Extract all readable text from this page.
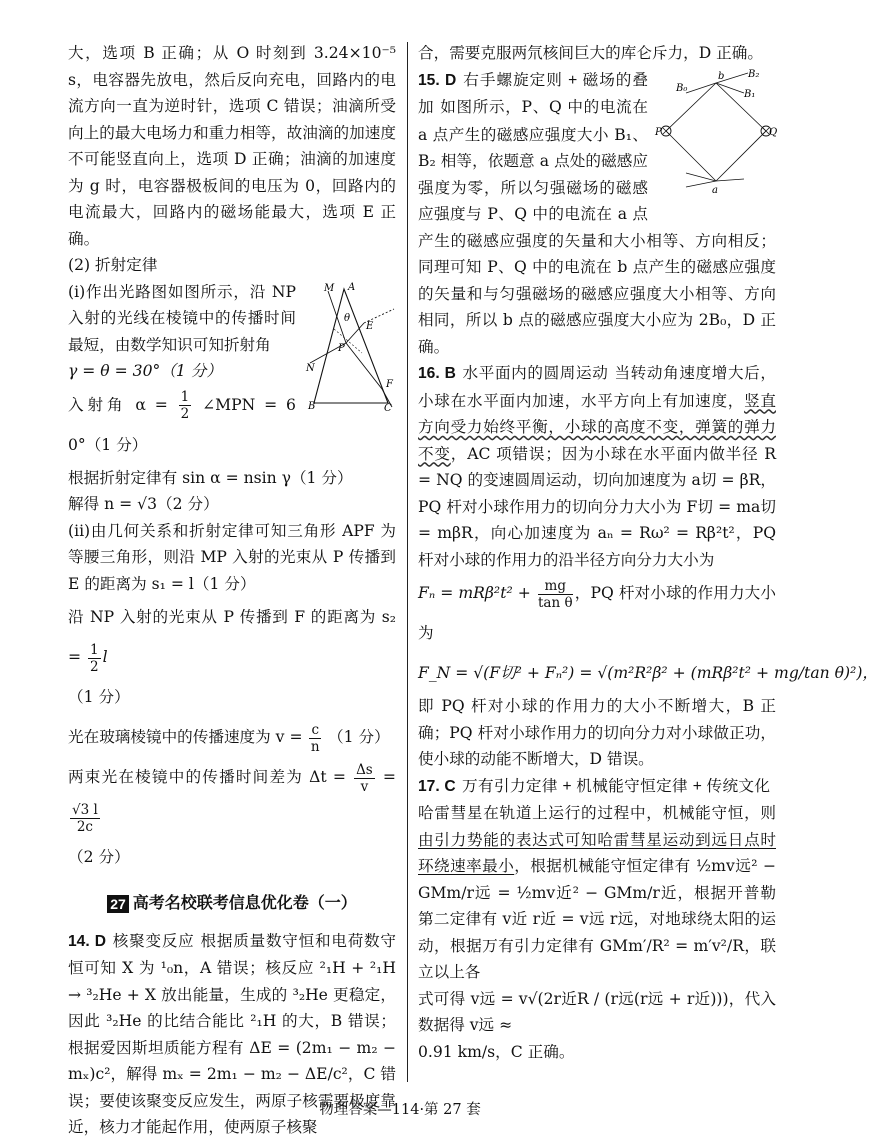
大，选项 B 正确；从 O 时刻到 3.24×10⁻⁵ s，电容器先放电，然后反向充电，回路内的电流方向一直为逆时针，选项 C 错误；油滴所受向上的最大电场力和重力相等，故油滴的加速度不可能竖直向上，选项 D 正确；油滴的加速度为 g 时，电容器极板间的电压为 0，回路内的电流最大，回路内的磁场能最大，选项 E 正确。

(2) 折射定律

M A
θ
E
P
N
F
B	C

(i)作出光路图如图所示，沿 NP 入射的光线在棱镜中的传播时间最短，由数学知识可知折射角

γ = θ = 30°（1 分）

入射角 $\alpha = \frac{1}{2}$ ∠MPN = 60°（1 分）

根据折射定律有 sin α = nsin γ（1 分）

解得 n = √3（2 分）

(ii)由几何关系和折射定律可知三角形 APF 为等腰三角形，则沿 MP 入射的光束从 P 传播到 E 的距离为 s₁ = l（1 分）

沿 NP 入射的光束从 P 传播到 F 的距离为 $s_2 = \frac{1}{2}$ l

（1 分）

光在玻璃棱镜中的传播速度为 $v = \frac{c}{n} (1$ 分）

两束光在棱镜中的传播时间差为 $\Delta t = \frac{\Delta s}{v}$ =
$\frac{√3 l}{2c}$

（2 分）

27 高考名校联考信息优化卷（一）

14. D 核聚变反应 根据质量数守恒和电荷数守恒可知 X 为 ¹₀n，A 错误；核反应 ²₁H + ²₁H → ³₂He + X 放出能量，生成的 ³₂He 更稳定，因此 ³₂He 的比结合能比 ²₁H 的大，B 错误；根据爱因斯坦质能方程有 ΔE = (2m₁ − m₂ − mₓ)c²，解得 mₓ = 2m₁ − m₂ − ΔE/c²，C 错误；要使该聚变反应发生，两原子核需要极度靠近，核力才能起作用，使两原子核聚

合，需要克服两氘核间巨大的库仑斥力，D 正确。

B₂
b
B₀
a
B₁
P	Q

15. D 右手螺旋定则 + 磁场的叠加 如图所示，P、Q 中的电流在 a 点产生的磁感应强度大小 B₁、B₂ 相等，依题意 a 点处的磁感应强度为零，所以匀强磁场的磁感应强度与 P、Q 中的电流在 a 点产生的磁感应强度的矢量和大小相等、方向相反；同理可知 P、Q 中的电流在 b 点产生的磁感应强度的矢量和与匀强磁场的磁感应强度大小相等、方向相同，所以 b 点的磁感应强度大小应为 2B₀，D 正确。

16. B 水平面内的圆周运动 当转动角速度增大后，小球在水平面内加速，水平方向上有加速度，竖直方向受力始终平衡，小球的高度不变，弹簧的弹力不变，AC 项错误；因为小球在水平面内做半径 R = NQ 的变速圆周运动，切向加速度为 a切 = βR，PQ 杆对小球作用力的切向分力大小为 F切 = ma切 = mβR，向心加速度为 aₙ = Rω² = Rβ²t²，PQ 杆对小球的作用力的沿半径方向分力大小为

$F_n = mR\beta^2t^2 + \frac{mg}{\text{tan θ}}$ ，PQ 杆对小球的作用力大小为

F_N = √(F切² + Fₙ²) = √(m²R²β² + (mRβ²t² + mg/tan θ)²)，

即 PQ 杆对小球的作用力的大小不断增大，B 正确；PQ 杆对小球作用力的切向分力对小球做正功，使小球的动能不断增大，D 错误。

17. C 万有引力定律 + 机械能守恒定律 + 传统文化哈雷彗星在轨道上运行的过程中，机械能守恒，则由引力势能的表达式可知哈雷彗星运动到远日点时环绕速率最小，根据机械能守恒定律有 ½mv远² − GMm/r远 = ½mv近² − GMm/r近，根据开普勒第二定律有 v近 r近 = v远 r远，对地球绕太阳的运动，根据万有引力定律有 GMm′/R² = m′v²/R，联立以上各

式可得 v远 = v√(2r近R / (r远(r远 + r近)))，代入数据得 v远 ≈

0.91 km/s，C 正确。

物理答案—114·第 27 套
